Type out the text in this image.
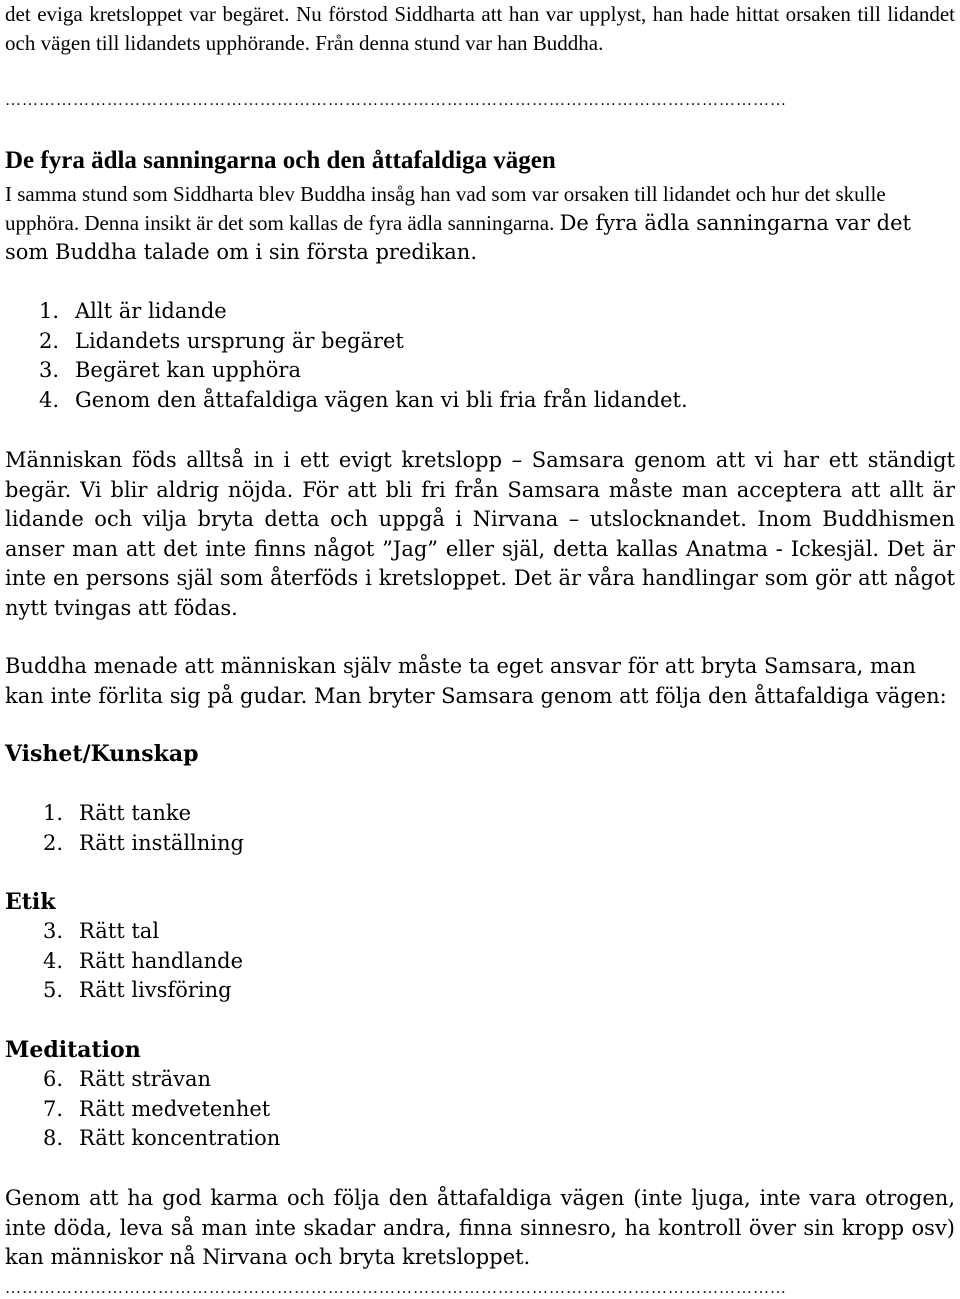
det eviga kretsloppet var begäret. Nu förstod Siddharta att han var upplyst, han hade hittat orsaken till lidandet och vägen till lidandets upphörande. Från denna stund var han Buddha.

…………………………………………………………………………………………………………………………
De fyra ädla sanningarna och den åttafaldiga vägen

I samma stund som Siddharta blev Buddha insåg han vad som var orsaken till lidandet och hur det skulle upphöra. Denna insikt är det som kallas de fyra ädla sanningarna. De fyra ädla sanningarna var det som Buddha talade om i sin första predikan.

1. Allt är lidande
2. Lidandets ursprung är begäret
3. Begäret kan upphöra
4. Genom den åttafaldiga vägen kan vi bli fria från lidandet.

Människan föds alltså in i ett evigt kretslopp – Samsara genom att vi har ett ständigt begär. Vi blir aldrig nöjda. För att bli fri från Samsara måste man acceptera att allt är lidande och vilja bryta detta och uppgå i Nirvana – utslocknandet. Inom Buddhismen anser man att det inte finns något ”Jag” eller själ, detta kallas Anatma - Ickesjäl. Det är inte en persons själ som återföds i kretsloppet. Det är våra handlingar som gör att något nytt tvingas att födas.

Buddha menade att människan själv måste ta eget ansvar för att bryta Samsara, man kan inte förlita sig på gudar. Man bryter Samsara genom att följa den åttafaldiga vägen:

Vishet/Kunskap
1. Rätt tanke
2. Rätt inställning
Etik
3. Rätt tal
4. Rätt handlande
5. Rätt livsföring
Meditation
6. Rätt strävan
7. Rätt medvetenhet
8. Rätt koncentration

Genom att ha god karma och följa den åttafaldiga vägen (inte ljuga, inte vara otrogen, inte döda, leva så man inte skadar andra, finna sinnesro, ha kontroll över sin kropp osv) kan människor nå Nirvana och bryta kretsloppet.

…………………………………………………………………………………………………………………………
